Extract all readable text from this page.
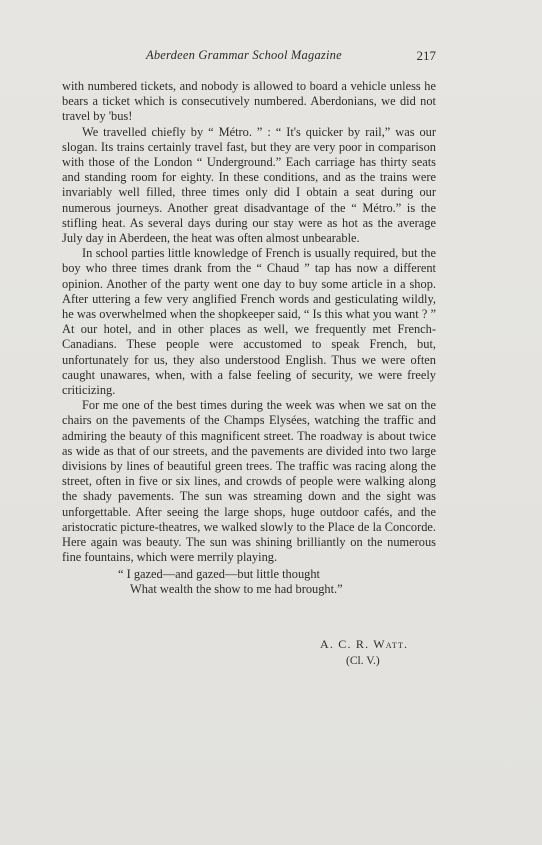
Aberdeen Grammar School Magazine	217

with numbered tickets, and nobody is allowed to board a vehicle unless he bears a ticket which is consecutively numbered. Aberdonians, we did not travel by 'bus!

We travelled chiefly by “ Métro. ” : “ It's quicker by rail,” was our slogan. Its trains certainly travel fast, but they are very poor in comparison with those of the London “ Underground.” Each carriage has thirty seats and standing room for eighty. In these conditions, and as the trains were invariably well filled, three times only did I obtain a seat during our numerous journeys. Another great disadvantage of the “ Métro.” is the stifling heat. As several days during our stay were as hot as the average July day in Aberdeen, the heat was often almost unbearable.

In school parties little knowledge of French is usually required, but the boy who three times drank from the “ Chaud ” tap has now a different opinion. Another of the party went one day to buy some article in a shop. After uttering a few very anglified French words and gesticulating wildly, he was overwhelmed when the shopkeeper said, “ Is this what you want ? ” At our hotel, and in other places as well, we frequently met French-Canadians. These people were accustomed to speak French, but, unfortunately for us, they also understood English. Thus we were often caught unawares, when, with a false feeling of security, we were freely criticizing.

For me one of the best times during the week was when we sat on the chairs on the pavements of the Champs Elysées, watching the traffic and admiring the beauty of this magnificent street. The roadway is about twice as wide as that of our streets, and the pavements are divided into two large divisions by lines of beautiful green trees. The traffic was racing along the street, often in five or six lines, and crowds of people were walking along the shady pavements. The sun was streaming down and the sight was unforgettable. After seeing the large shops, huge outdoor cafés, and the aristocratic picture-theatres, we walked slowly to the Place de la Concorde. Here again was beauty. The sun was shining brilliantly on the numerous fine fountains, which were merrily playing.

“ I gazed—and gazed—but little thought
What wealth the show to me had brought.”
A. C. R. Watt.
(Cl. V.)
